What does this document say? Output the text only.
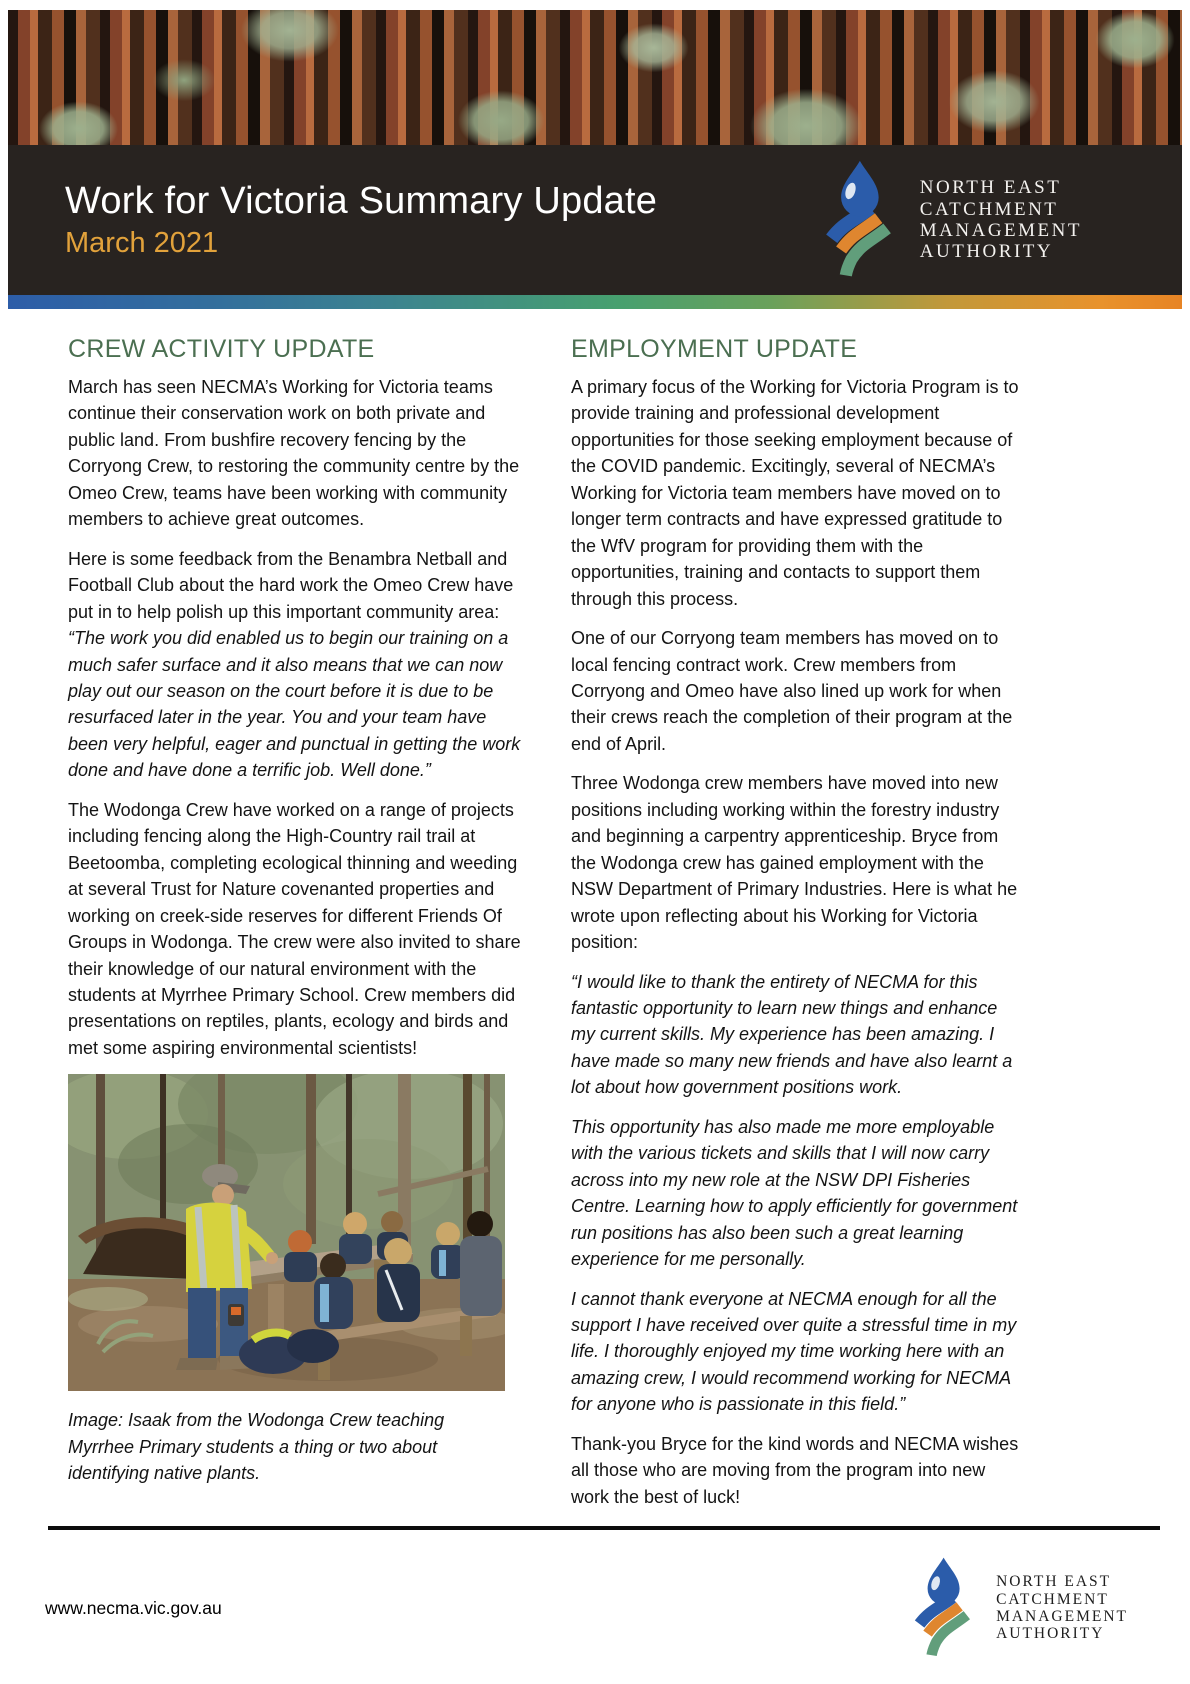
Work for Victoria Summary Update
March 2021
NORTH EAST
CATCHMENT
MANAGEMENT
AUTHORITY
CREW ACTIVITY UPDATE

March has seen NECMA’s Working for Victoria teams continue their conservation work on both private and public land. From bushfire recovery fencing by the Corryong Crew, to restoring the community centre by the Omeo Crew, teams have been working with community members to achieve great outcomes.

Here is some feedback from the Benambra Netball and Football Club about the hard work the Omeo Crew have put in to help polish up this important community area: “The work you did enabled us to begin our training on a much safer surface and it also means that we can now play out our season on the court before it is due to be resurfaced later in the year. You and your team have been very helpful, eager and punctual in getting the work done and have done a terrific job. Well done.”

The Wodonga Crew have worked on a range of projects including fencing along the High-Country rail trail at Beetoomba, completing ecological thinning and weeding at several Trust for Nature covenanted properties and working on creek-side reserves for different Friends Of Groups in Wodonga. The crew were also invited to share their knowledge of our natural environment with the students at Myrrhee Primary School. Crew members did presentations on reptiles, plants, ecology and birds and met some aspiring environmental scientists!

Image: Isaak from the Wodonga Crew teaching Myrrhee Primary students a thing or two about identifying native plants.
EMPLOYMENT UPDATE

A primary focus of the Working for Victoria Program is to provide training and professional development opportunities for those seeking employment because of the COVID pandemic. Excitingly, several of NECMA’s Working for Victoria team members have moved on to longer term contracts and have expressed gratitude to the WfV program for providing them with the opportunities, training and contacts to support them through this process.

One of our Corryong team members has moved on to local fencing contract work. Crew members from Corryong and Omeo have also lined up work for when their crews reach the completion of their program at the end of April.

Three Wodonga crew members have moved into new positions including working within the forestry industry and beginning a carpentry apprenticeship. Bryce from the Wodonga crew has gained employment with the NSW Department of Primary Industries. Here is what he wrote upon reflecting about his Working for Victoria position:

“I would like to thank the entirety of NECMA for this fantastic opportunity to learn new things and enhance my current skills. My experience has been amazing. I have made so many new friends and have also learnt a lot about how government positions work.

This opportunity has also made me more employable with the various tickets and skills that I will now carry across into my new role at the NSW DPI Fisheries Centre. Learning how to apply efficiently for government run positions has also been such a great learning experience for me personally.

I cannot thank everyone at NECMA enough for all the support I have received over quite a stressful time in my life. I thoroughly enjoyed my time working here with an amazing crew, I would recommend working for NECMA for anyone who is passionate in this field.”

Thank-you Bryce for the kind words and NECMA wishes all those who are moving from the program into new work the best of luck!

www.necma.vic.gov.au
NORTH EAST
CATCHMENT
MANAGEMENT
AUTHORITY
